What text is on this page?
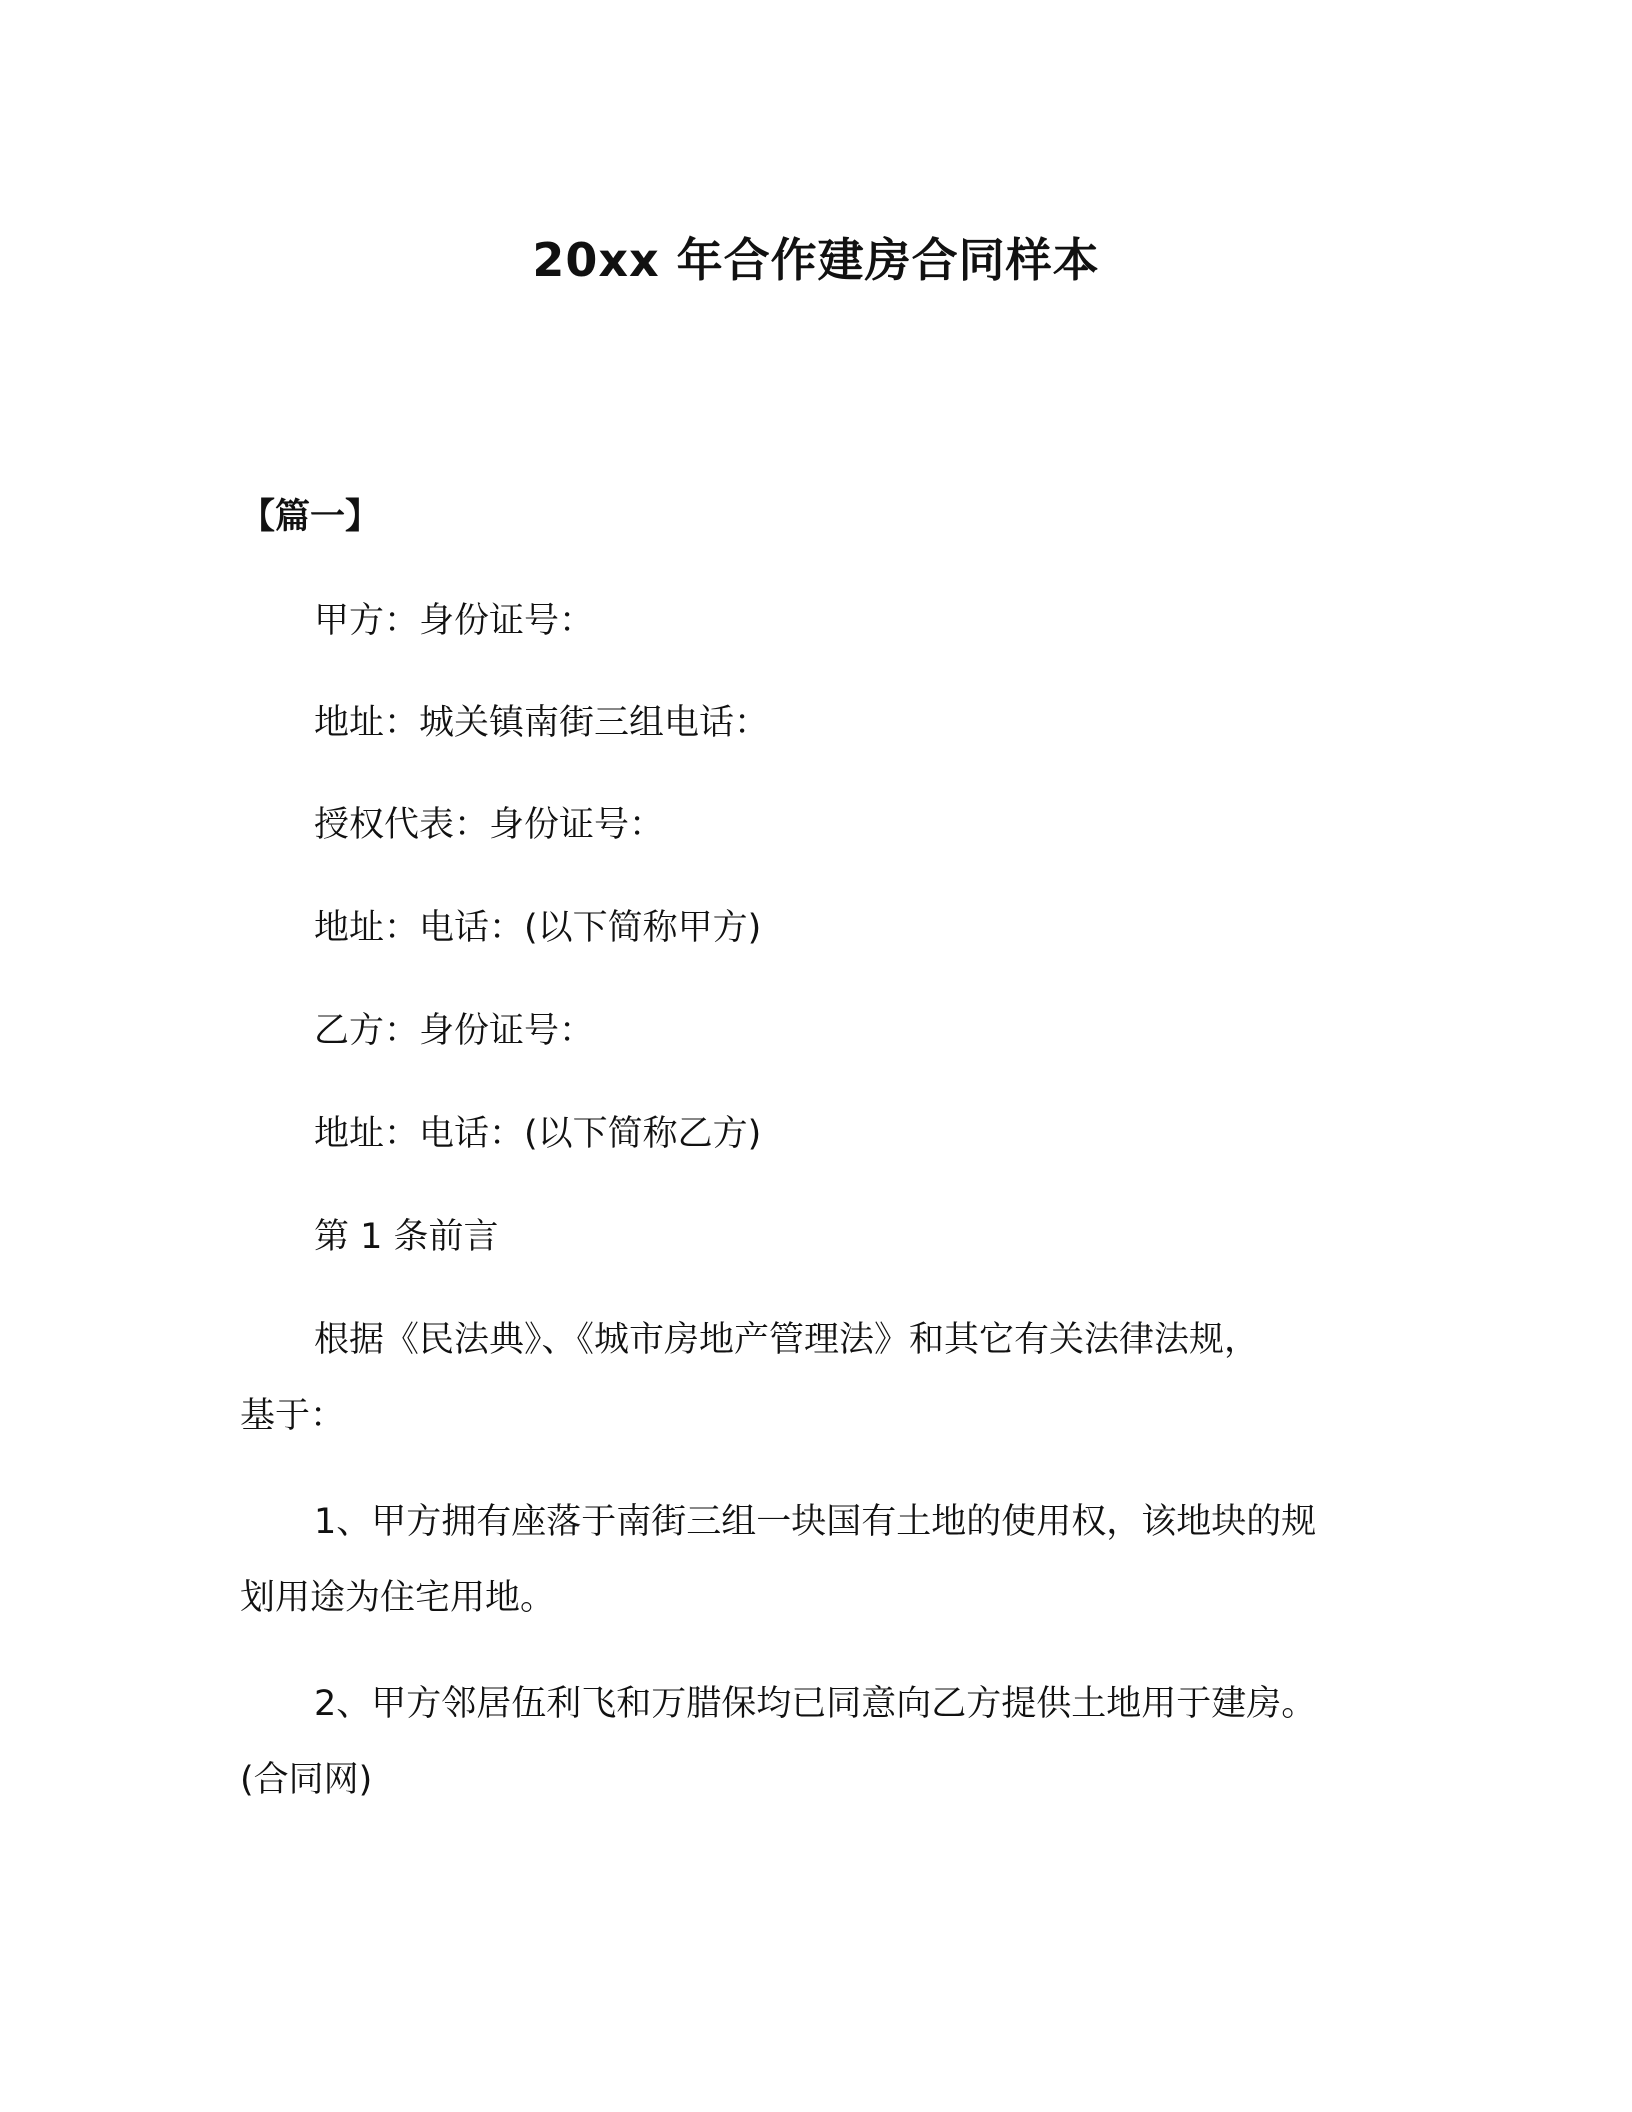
20xx 年合作建房合同样本

【篇一】

甲方：身份证号：

地址：城关镇南街三组电话：

授权代表：身份证号：

地址：电话：(以下简称甲方)

乙方：身份证号：

地址：电话：(以下简称乙方)

第 1 条前言

根据《民法典》、《城市房地产管理法》和其它有关法律法规，

基于：

1、甲方拥有座落于南街三组一块国有土地的使用权，该地块的规

划用途为住宅用地。

2、甲方邻居伍利飞和万腊保均已同意向乙方提供土地用于建房。

(合同网)
